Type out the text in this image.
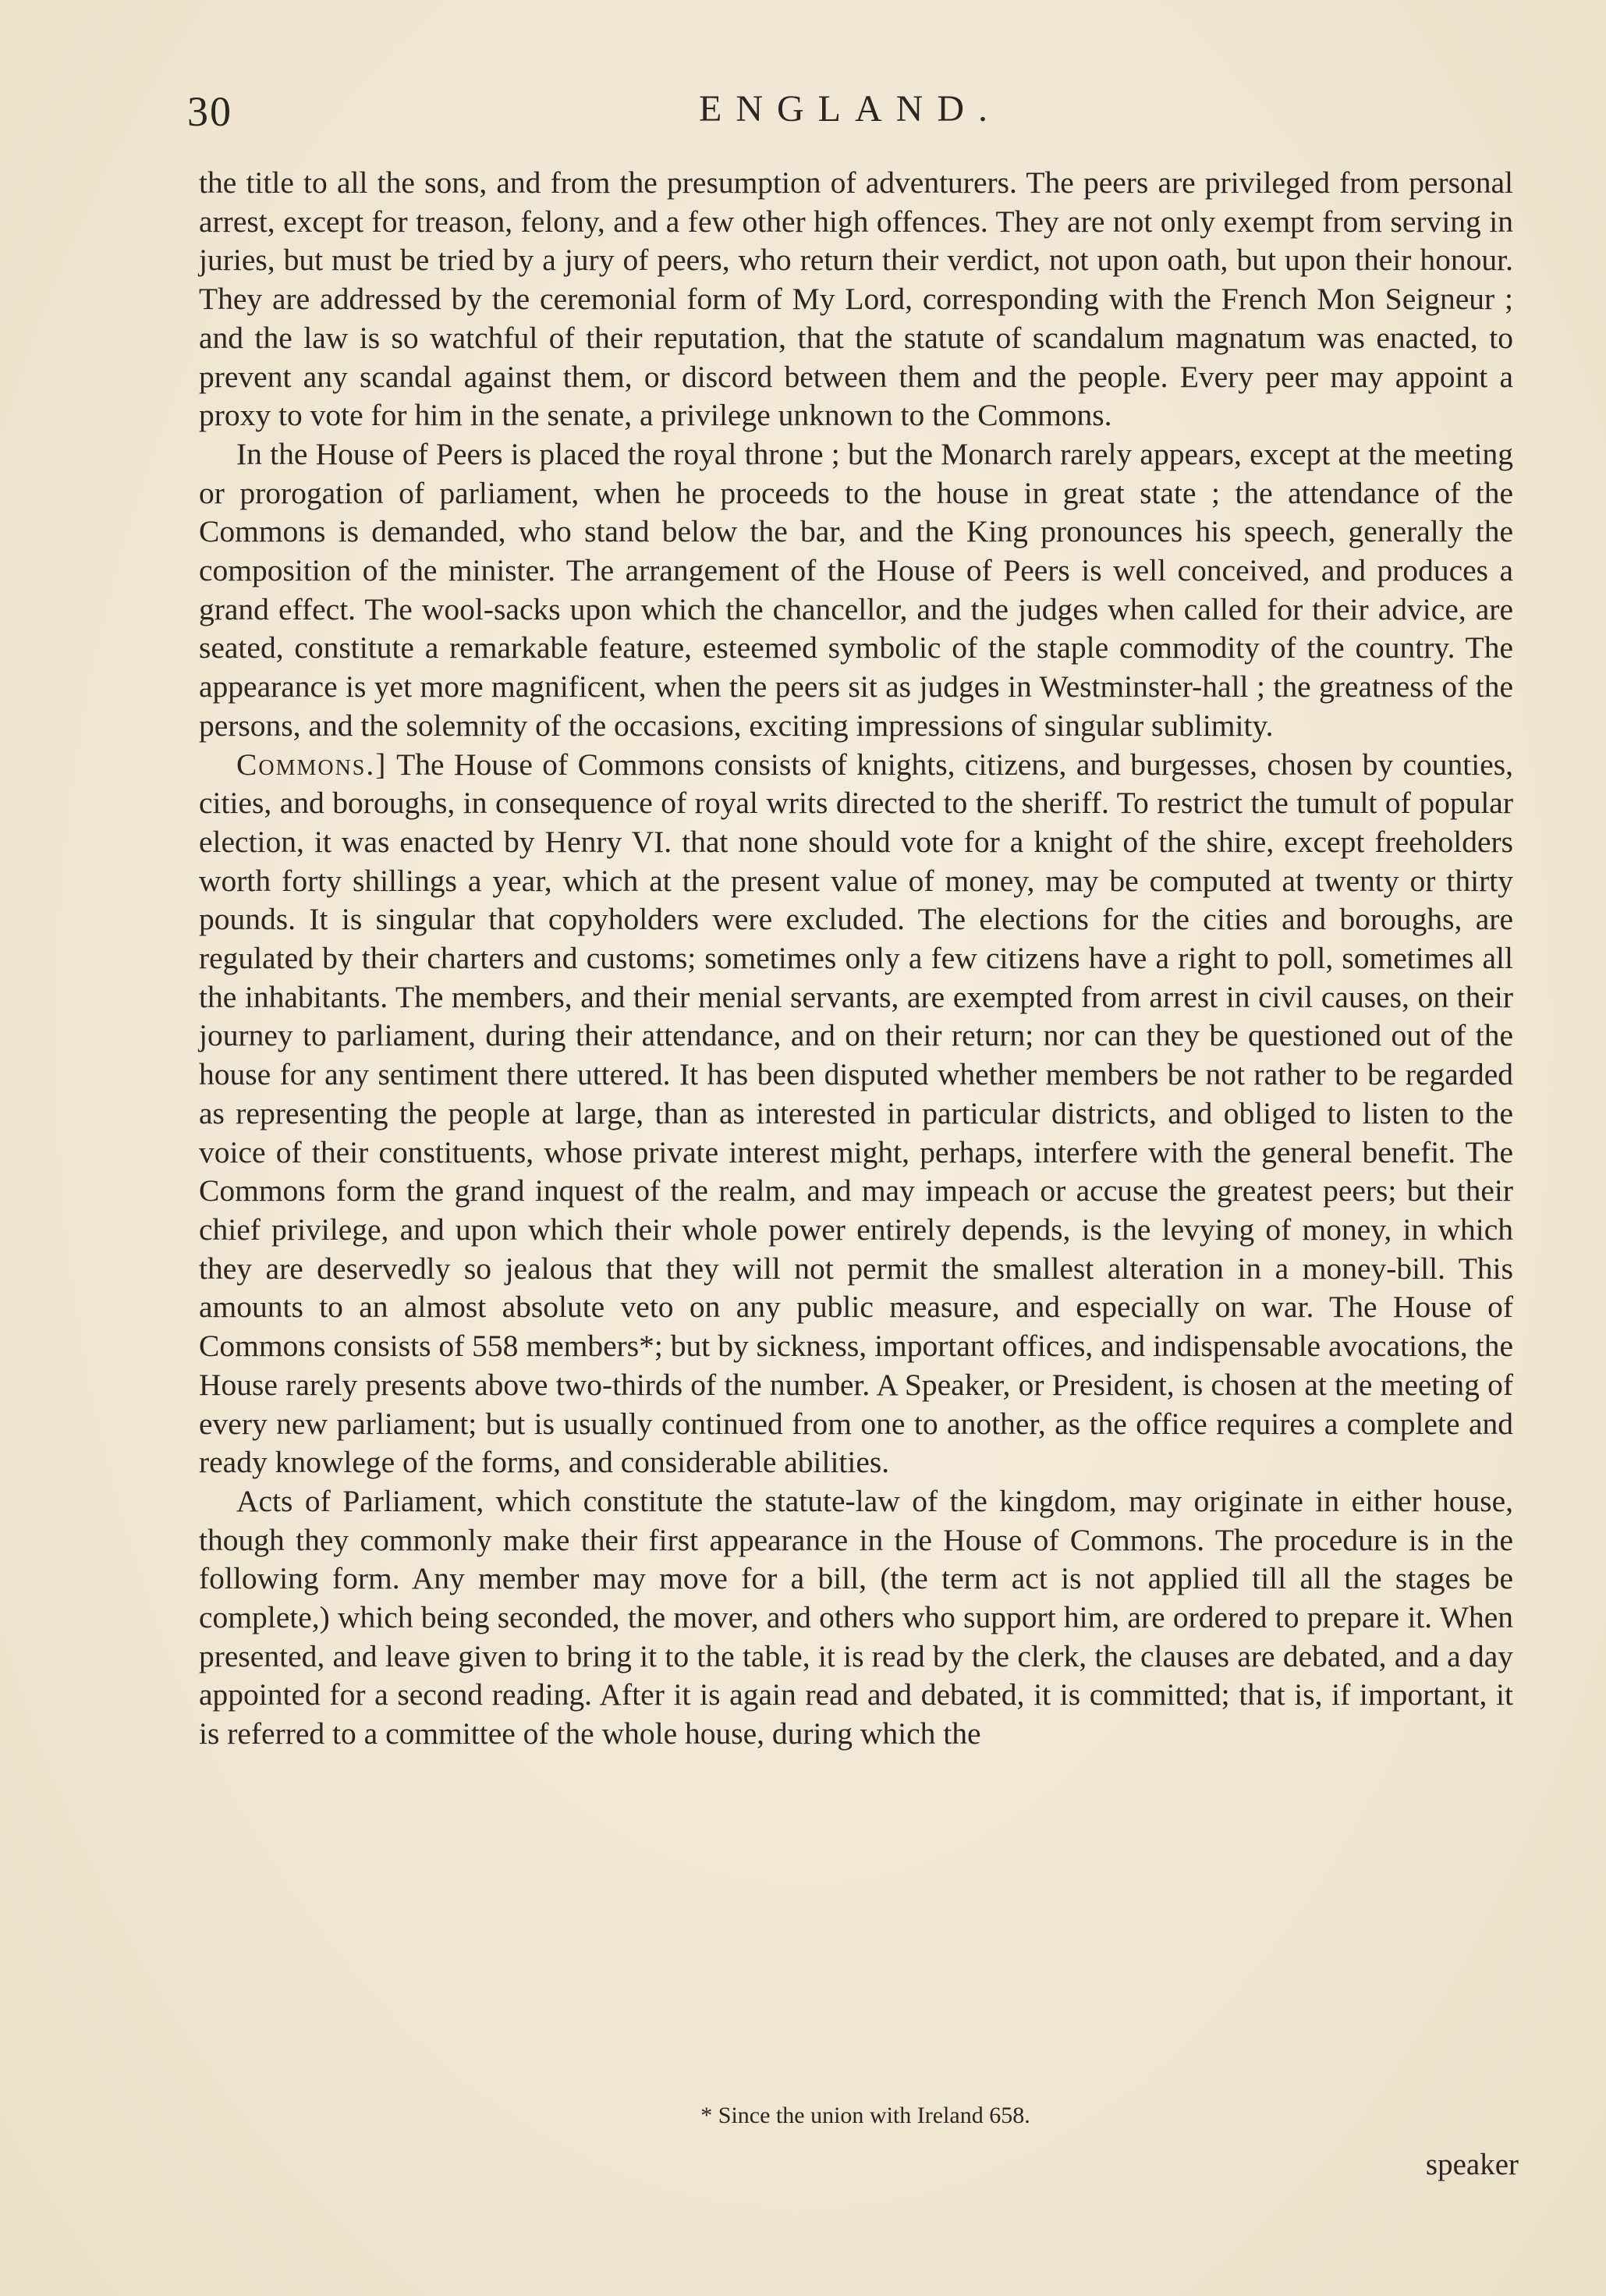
30	ENGLAND.

the title to all the sons, and from the presumption of adventurers. The peers are privileged from personal arrest, except for treason, felony, and a few other high offences. They are not only exempt from serving in juries, but must be tried by a jury of peers, who return their verdict, not upon oath, but upon their honour. They are addressed by the ceremonial form of My Lord, corresponding with the French Mon Seigneur ; and the law is so watchful of their reputation, that the statute of scandalum magnatum was enacted, to prevent any scandal against them, or discord between them and the people. Every peer may appoint a proxy to vote for him in the senate, a privilege unknown to the Commons.

In the House of Peers is placed the royal throne ; but the Monarch rarely appears, except at the meeting or prorogation of parliament, when he proceeds to the house in great state ; the attendance of the Commons is demanded, who stand below the bar, and the King pronounces his speech, generally the composition of the minister. The arrangement of the House of Peers is well conceived, and produces a grand effect. The wool-sacks upon which the chancellor, and the judges when called for their advice, are seated, constitute a remarkable feature, esteemed symbolic of the staple commodity of the country. The appearance is yet more magnificent, when the peers sit as judges in Westminster-hall ; the greatness of the persons, and the solemnity of the occasions, exciting impressions of singular sublimity.

Commons.] The House of Commons consists of knights, citizens, and burgesses, chosen by counties, cities, and boroughs, in consequence of royal writs directed to the sheriff. To restrict the tumult of popular election, it was enacted by Henry VI. that none should vote for a knight of the shire, except freeholders worth forty shillings a year, which at the present value of money, may be computed at twenty or thirty pounds. It is singular that copyholders were excluded. The elections for the cities and boroughs, are regulated by their charters and customs; sometimes only a few citizens have a right to poll, sometimes all the inhabitants. The members, and their menial servants, are exempted from arrest in civil causes, on their journey to parliament, during their attendance, and on their return; nor can they be questioned out of the house for any sentiment there uttered. It has been disputed whether members be not rather to be regarded as representing the people at large, than as interested in particular districts, and obliged to listen to the voice of their constituents, whose private interest might, perhaps, interfere with the general benefit. The Commons form the grand inquest of the realm, and may impeach or accuse the greatest peers; but their chief privilege, and upon which their whole power entirely depends, is the levying of money, in which they are deservedly so jealous that they will not permit the smallest alteration in a money-bill. This amounts to an almost absolute veto on any public measure, and especially on war. The House of Commons consists of 558 members*; but by sickness, important offices, and indispensable avocations, the House rarely presents above two-thirds of the number. A Speaker, or President, is chosen at the meeting of every new parliament; but is usually continued from one to another, as the office requires a complete and ready knowlege of the forms, and considerable abilities.

Acts of Parliament, which constitute the statute-law of the kingdom, may originate in either house, though they commonly make their first appearance in the House of Commons. The procedure is in the following form. Any member may move for a bill, (the term act is not applied till all the stages be complete,) which being seconded, the mover, and others who support him, are ordered to prepare it. When presented, and leave given to bring it to the table, it is read by the clerk, the clauses are debated, and a day appointed for a second reading. After it is again read and debated, it is committed; that is, if important, it is referred to a committee of the whole house, during which the

* Since the union with Ireland 658.
speaker
